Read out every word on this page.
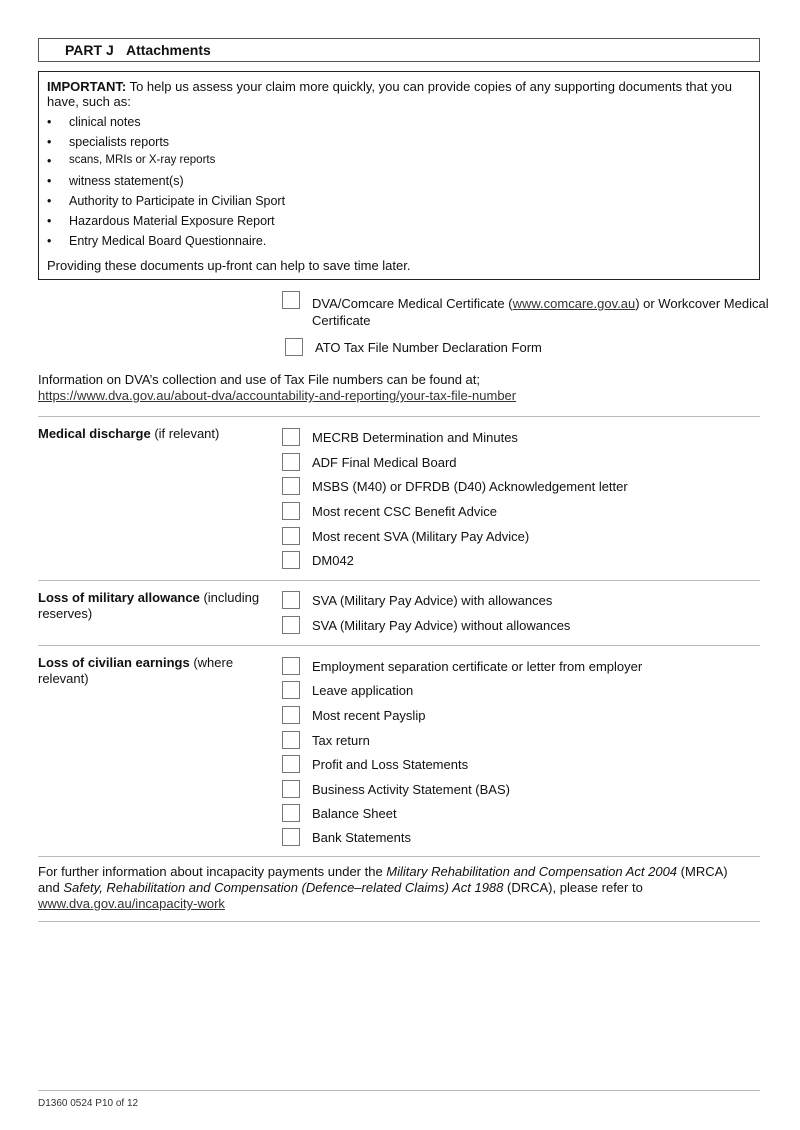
PART J Attachments
IMPORTANT: To help us assess your claim more quickly, you can provide copies of any supporting documents that you have, such as:
• clinical notes
• specialists reports
• scans, MRIs or X-ray reports
• witness statement(s)
• Authority to Participate in Civilian Sport
• Hazardous Material Exposure Report
• Entry Medical Board Questionnaire.
Providing these documents up-front can help to save time later.
DVA/Comcare Medical Certificate (www.comcare.gov.au) or Workcover Medical
Certificate
ATO Tax File Number Declaration Form
Information on DVA’s collection and use of Tax File numbers can be found at;
https://www.dva.gov.au/about-dva/accountability-and-reporting/your-tax-file-number
Medical discharge (if relevant)	MECRB Determination and Minutes
ADF Final Medical Board
MSBS (M40) or DFRDB (D40) Acknowledgement letter
Most recent CSC Benefit Advice
Most recent SVA (Military Pay Advice)
DM042
Loss of military allowance (including
reserves)
SVA (Military Pay Advice) with allowances
SVA (Military Pay Advice) without allowances
Loss of civilian earnings (where
relevant)
Employment separation certificate or letter from employer
Leave application
Most recent Payslip
Tax return
Profit and Loss Statements
Business Activity Statement (BAS)
Balance Sheet
Bank Statements
For further information about incapacity payments under the Military Rehabilitation and Compensation Act 2004 (MRCA)
and Safety, Rehabilitation and Compensation (Defence–related Claims) Act 1988 (DRCA), please refer to
www.dva.gov.au/incapacity-work
D1360 0524 P10 of 12
